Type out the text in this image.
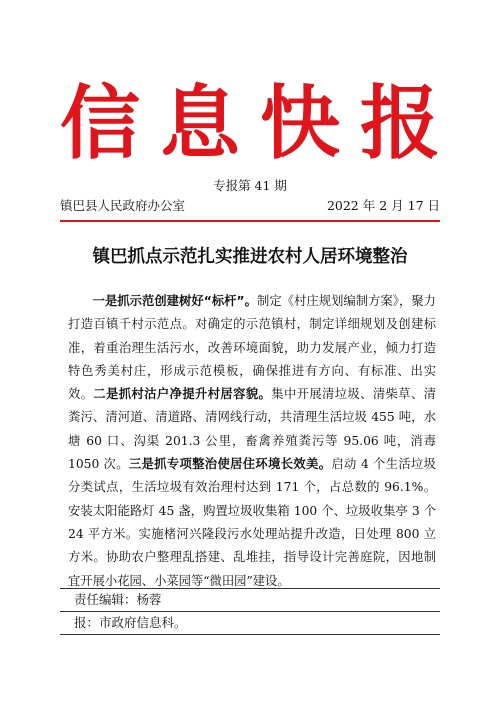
信 息 快 报
专报第 41 期
镇巴县人民政府办公室	2022 年 2 月 17 日
镇巴抓点示范扎实推进农村人居环境整治
一是抓示范创建树好“标杆”。制定《村庄规划编制方案》，聚力打造百镇千村示范点。对确定的示范镇村，制定详细规划及创建标准，着重治理生活污水，改善环境面貌，助力发展产业，倾力打造特色秀美村庄，形成示范模板，确保推进有方向、有标准、出实效。二是抓村沽户净提升村居容貌。集中开展清垃圾、清柴草、清粪污、清河道、清道路、清网线行动，共清理生活垃圾 455 吨，水塘 60 口、沟渠 201.3 公里，畜禽养殖粪污等 95.06 吨，消毒 1050 次。三是抓专项整治使居住环境长效美。启动 4 个生活垃圾分类试点，生活垃圾有效治理村达到 171 个，占总数的 96.1%。安装太阳能路灯 45 盏，购置垃圾收集箱 100 个、垃圾收集亭 3 个 24 平方米。实施楮河兴隆段污水处理站提升改造，日处理 800 立方米。协助农户整理乱搭建、乱堆挂，指导设计完善庭院，因地制宜开展小花园、小菜园等“微田园”建设。
责任编辑：杨蓉
报：市政府信息科。
